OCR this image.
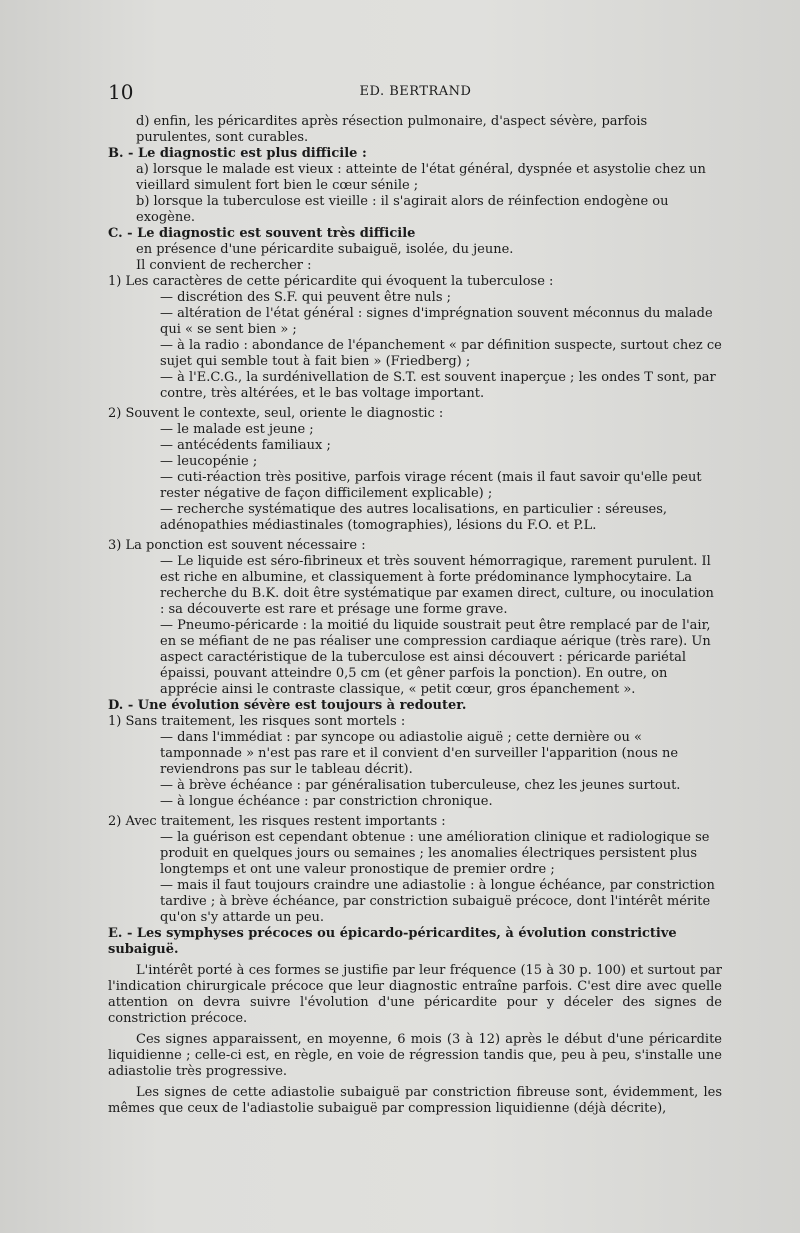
10	ED. BERTRAND

d) enfin, les péricardites après résection pulmonaire, d'aspect sévère, parfois purulentes, sont curables.

B. - Le diagnostic est plus difficile :

a) lorsque le malade est vieux : atteinte de l'état général, dyspnée et asystolie chez un vieillard simulent fort bien le cœur sénile ;

b) lorsque la tuberculose est vieille : il s'agirait alors de réinfection endogène ou exogène.

C. - Le diagnostic est souvent très difficile

en présence d'une péricardite subaiguë, isolée, du jeune.

Il convient de rechercher :

1) Les caractères de cette péricardite qui évoquent la tuberculose :

— discrétion des S.F. qui peuvent être nuls ;

— altération de l'état général : signes d'imprégnation souvent méconnus du malade qui « se sent bien » ;

— à la radio : abondance de l'épanchement « par définition suspecte, surtout chez ce sujet qui semble tout à fait bien » (Friedberg) ;

— à l'E.C.G., la surdénivellation de S.T. est souvent inaperçue ; les ondes T sont, par contre, très altérées, et le bas voltage important.

2) Souvent le contexte, seul, oriente le diagnostic :

— le malade est jeune ;

— antécédents familiaux ;

— leucopénie ;

— cuti-réaction très positive, parfois virage récent (mais il faut savoir qu'elle peut rester négative de façon difficilement explicable) ;

— recherche systématique des autres localisations, en particulier : séreuses, adénopathies médiastinales (tomographies), lésions du F.O. et P.L.

3) La ponction est souvent nécessaire :

— Le liquide est séro-fibrineux et très souvent hémorragique, rarement purulent. Il est riche en albumine, et classiquement à forte prédominance lymphocytaire. La recherche du B.K. doit être systématique par examen direct, culture, ou inoculation : sa découverte est rare et présage une forme grave.

— Pneumo-péricarde : la moitié du liquide soustrait peut être remplacé par de l'air, en se méfiant de ne pas réaliser une compression cardiaque aérique (très rare). Un aspect caractéristique de la tuberculose est ainsi découvert : péricarde pariétal épaissi, pouvant atteindre 0,5 cm (et gêner parfois la ponction). En outre, on apprécie ainsi le contraste classique, « petit cœur, gros épanchement ».

D. - Une évolution sévère est toujours à redouter.

1) Sans traitement, les risques sont mortels :

— dans l'immédiat : par syncope ou adiastolie aiguë ; cette dernière ou « tamponnade » n'est pas rare et il convient d'en surveiller l'apparition (nous ne reviendrons pas sur le tableau décrit).

— à brève échéance : par généralisation tuberculeuse, chez les jeunes surtout.

— à longue échéance : par constriction chronique.

2) Avec traitement, les risques restent importants :

— la guérison est cependant obtenue : une amélioration clinique et radiologique se produit en quelques jours ou semaines ; les anomalies électriques persistent plus longtemps et ont une valeur pronostique de premier ordre ;

— mais il faut toujours craindre une adiastolie : à longue échéance, par constriction tardive ; à brève échéance, par constriction subaiguë précoce, dont l'intérêt mérite qu'on s'y attarde un peu.

E. - Les symphyses précoces ou épicardo-péricardites, à évolution constrictive subaiguë.

L'intérêt porté à ces formes se justifie par leur fréquence (15 à 30 p. 100) et surtout par l'indication chirurgicale précoce que leur diagnostic entraîne parfois. C'est dire avec quelle attention on devra suivre l'évolution d'une péricardite pour y déceler des signes de constriction précoce.

Ces signes apparaissent, en moyenne, 6 mois (3 à 12) après le début d'une péricardite liquidienne ; celle-ci est, en règle, en voie de régression tandis que, peu à peu, s'installe une adiastolie très progressive.

Les signes de cette adiastolie subaiguë par constriction fibreuse sont, évidemment, les mêmes que ceux de l'adiastolie subaiguë par compression liquidienne (déjà décrite),
